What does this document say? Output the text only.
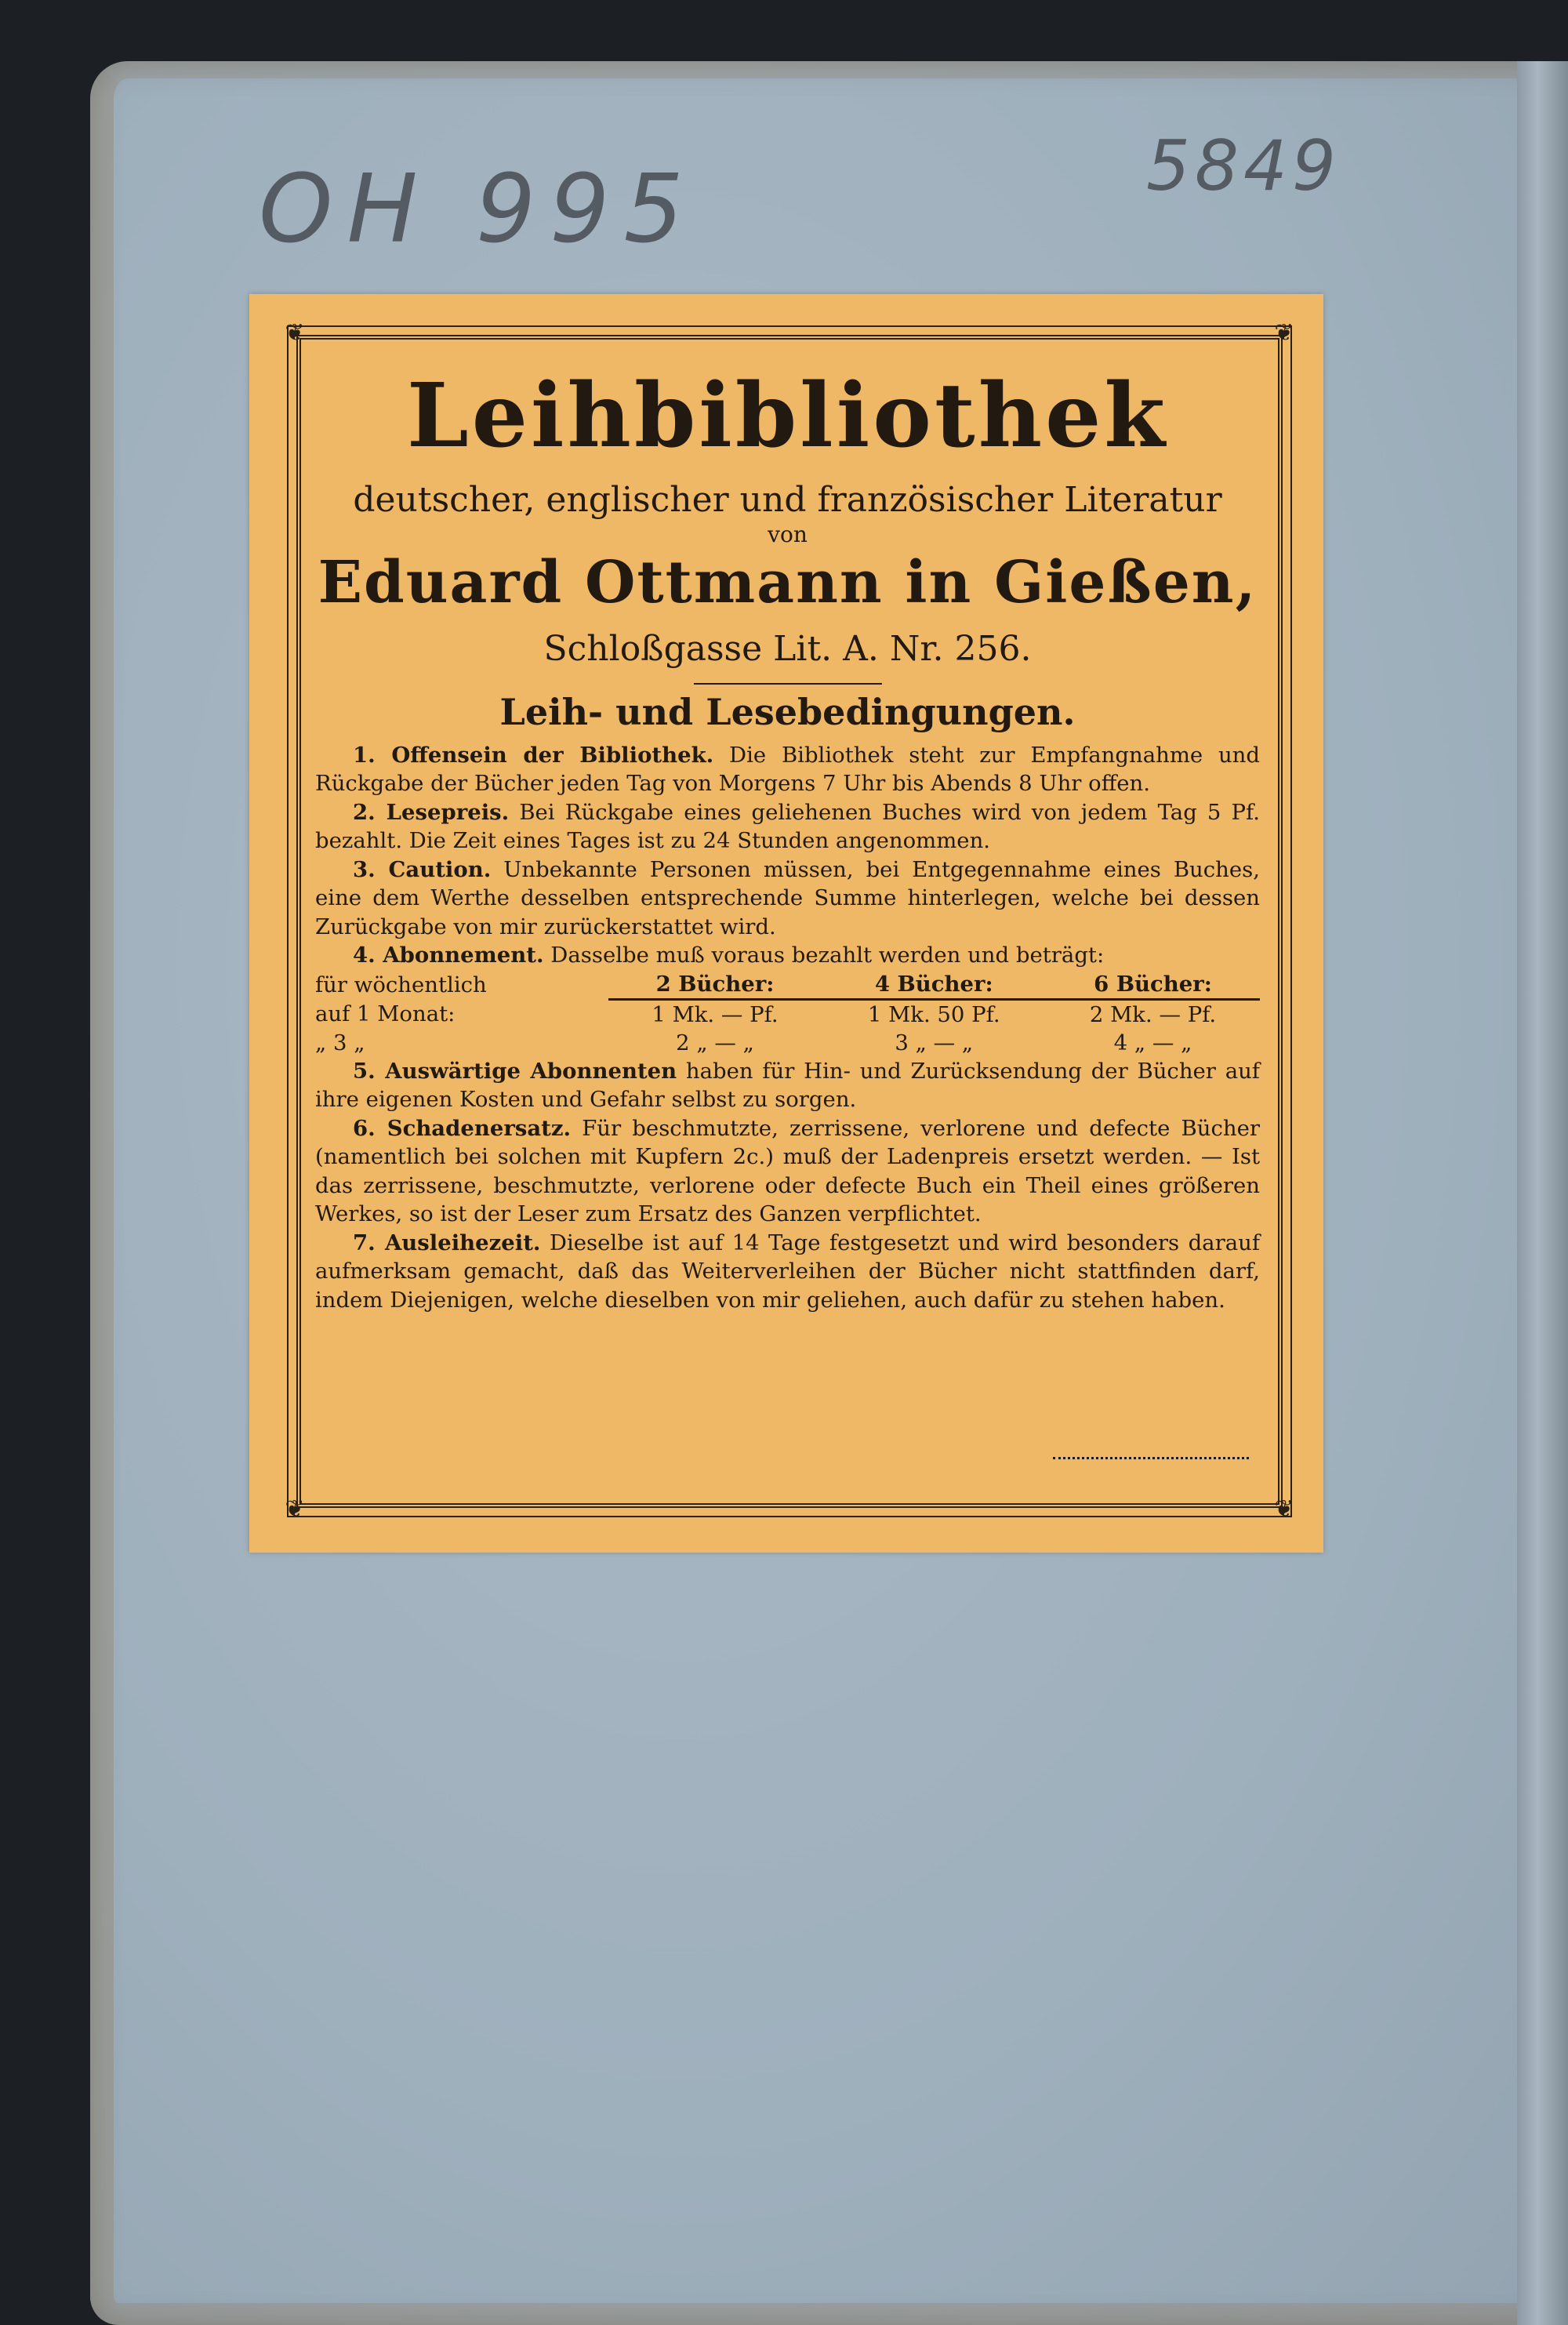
OH 995	5849
❦	❦
❦	❦
Leihbibliothek
deutscher, englischer und französischer Literatur
von
Eduard Ottmann in Gießen,
Schloßgasse Lit. A. Nr. 256.
Leih- und Lesebedingungen.

1. Offensein der Bibliothek. Die Bibliothek steht zur Empfangnahme und Rückgabe der Bücher jeden Tag von Morgens 7 Uhr bis Abends 8 Uhr offen.

2. Lesepreis. Bei Rückgabe eines geliehenen Buches wird von jedem Tag 5 Pf. bezahlt. Die Zeit eines Tages ist zu 24 Stunden angenommen.

3. Caution. Unbekannte Personen müssen, bei Entgegennahme eines Buches, eine dem Werthe desselben entsprechende Summe hinterlegen, welche bei dessen Zurückgabe von mir zurückerstattet wird.

4. Abonnement. Dasselbe muß voraus bezahlt werden und beträgt:

für wöchentlich	2 Bücher:	4 Bücher:	6 Bücher:
auf 1 Monat:	1 Mk. — Pf.	1 Mk. 50 Pf.	2 Mk. — Pf.
„ 3 „	2 „ — „	3 „ — „	4 „ — „

5. Auswärtige Abonnenten haben für Hin- und Zurücksendung der Bücher auf ihre eigenen Kosten und Gefahr selbst zu sorgen.

6. Schadenersatz. Für beschmutzte, zerrissene, verlorene und defecte Bücher (namentlich bei solchen mit Kupfern 2c.) muß der Ladenpreis ersetzt werden. — Ist das zerrissene, beschmutzte, verlorene oder defecte Buch ein Theil eines größeren Werkes, so ist der Leser zum Ersatz des Ganzen verpflichtet.

7. Ausleihezeit. Dieselbe ist auf 14 Tage festgesetzt und wird besonders darauf aufmerksam gemacht, daß das Weiterverleihen der Bücher nicht stattfinden darf, indem Diejenigen, welche dieselben von mir geliehen, auch dafür zu stehen haben.
